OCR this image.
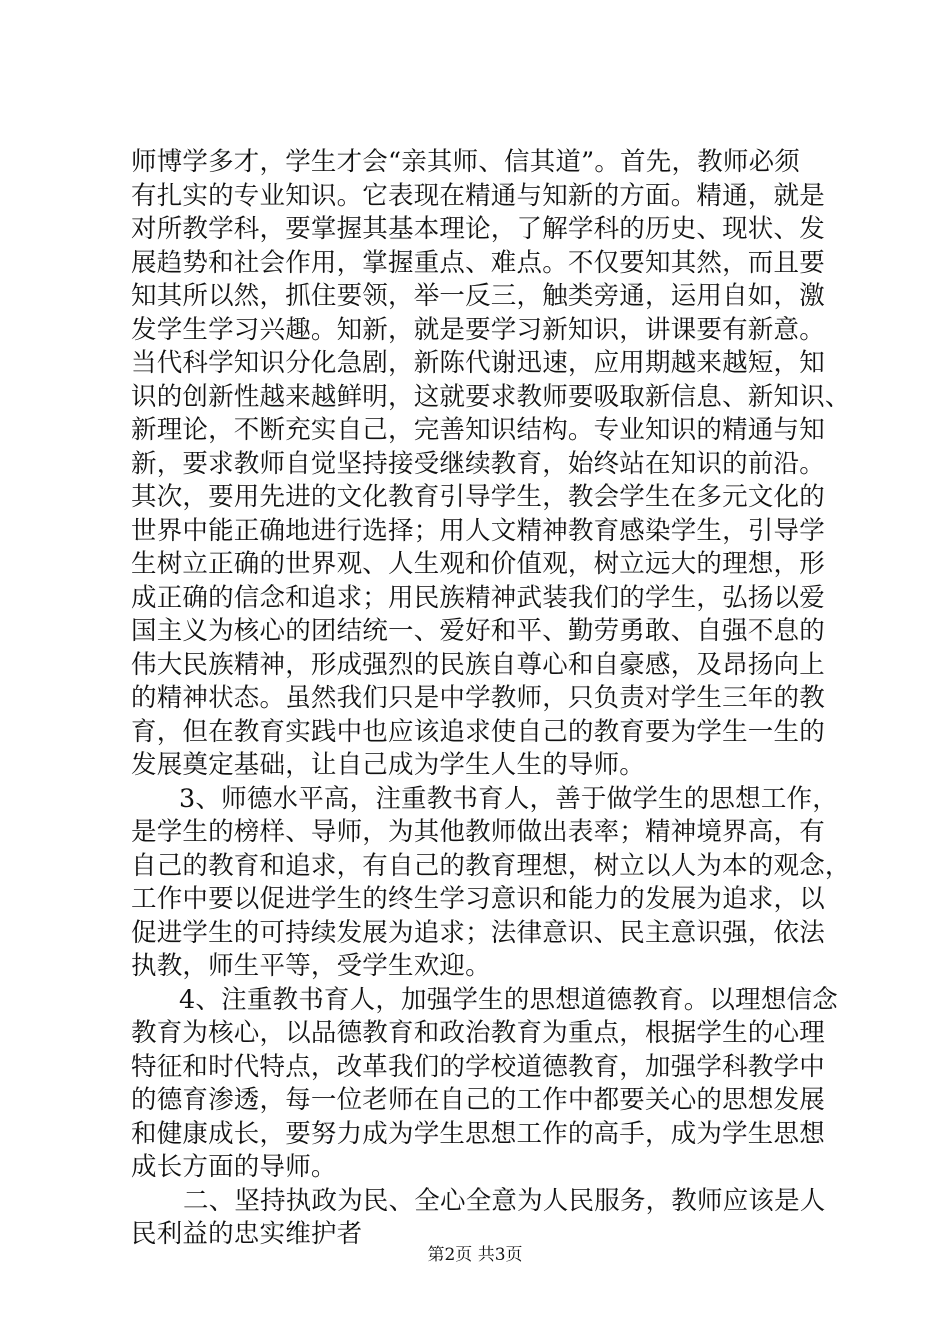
师博学多才，学生才会“亲其师、信其道”。首先，教师必须
有扎实的专业知识。它表现在精通与知新的方面。精通，就是
对所教学科，要掌握其基本理论，了解学科的历史、现状、发
展趋势和社会作用，掌握重点、难点。不仅要知其然，而且要
知其所以然，抓住要领，举一反三，触类旁通，运用自如，激
发学生学习兴趣。知新，就是要学习新知识，讲课要有新意。
当代科学知识分化急剧，新陈代谢迅速，应用期越来越短，知
识的创新性越来越鲜明，这就要求教师要吸取新信息、新知识、
新理论，不断充实自己，完善知识结构。专业知识的精通与知
新，要求教师自觉坚持接受继续教育，始终站在知识的前沿。
其次，要用先进的文化教育引导学生，教会学生在多元文化的
世界中能正确地进行选择；用人文精神教育感染学生，引导学
生树立正确的世界观、人生观和价值观，树立远大的理想，形
成正确的信念和追求；用民族精神武装我们的学生，弘扬以爱
国主义为核心的团结统一、爱好和平、勤劳勇敢、自强不息的
伟大民族精神，形成强烈的民族自尊心和自豪感，及昂扬向上
的精神状态。虽然我们只是中学教师，只负责对学生三年的教
育，但在教育实践中也应该追求使自己的教育要为学生一生的
发展奠定基础，让自己成为学生人生的导师。
3、师德水平高，注重教书育人，善于做学生的思想工作，
是学生的榜样、导师，为其他教师做出表率；精神境界高，有
自己的教育和追求，有自己的教育理想，树立以人为本的观念，
工作中要以促进学生的终生学习意识和能力的发展为追求，以
促进学生的可持续发展为追求；法律意识、民主意识强，依法
执教，师生平等，受学生欢迎。
4、注重教书育人，加强学生的思想道德教育。以理想信念
教育为核心，以品德教育和政治教育为重点，根据学生的心理
特征和时代特点，改革我们的学校道德教育，加强学科教学中
的德育渗透，每一位老师在自己的工作中都要关心的思想发展
和健康成长，要努力成为学生思想工作的高手，成为学生思想
成长方面的导师。
二、坚持执政为民、全心全意为人民服务，教师应该是人
民利益的忠实维护者
第2页 共3页
